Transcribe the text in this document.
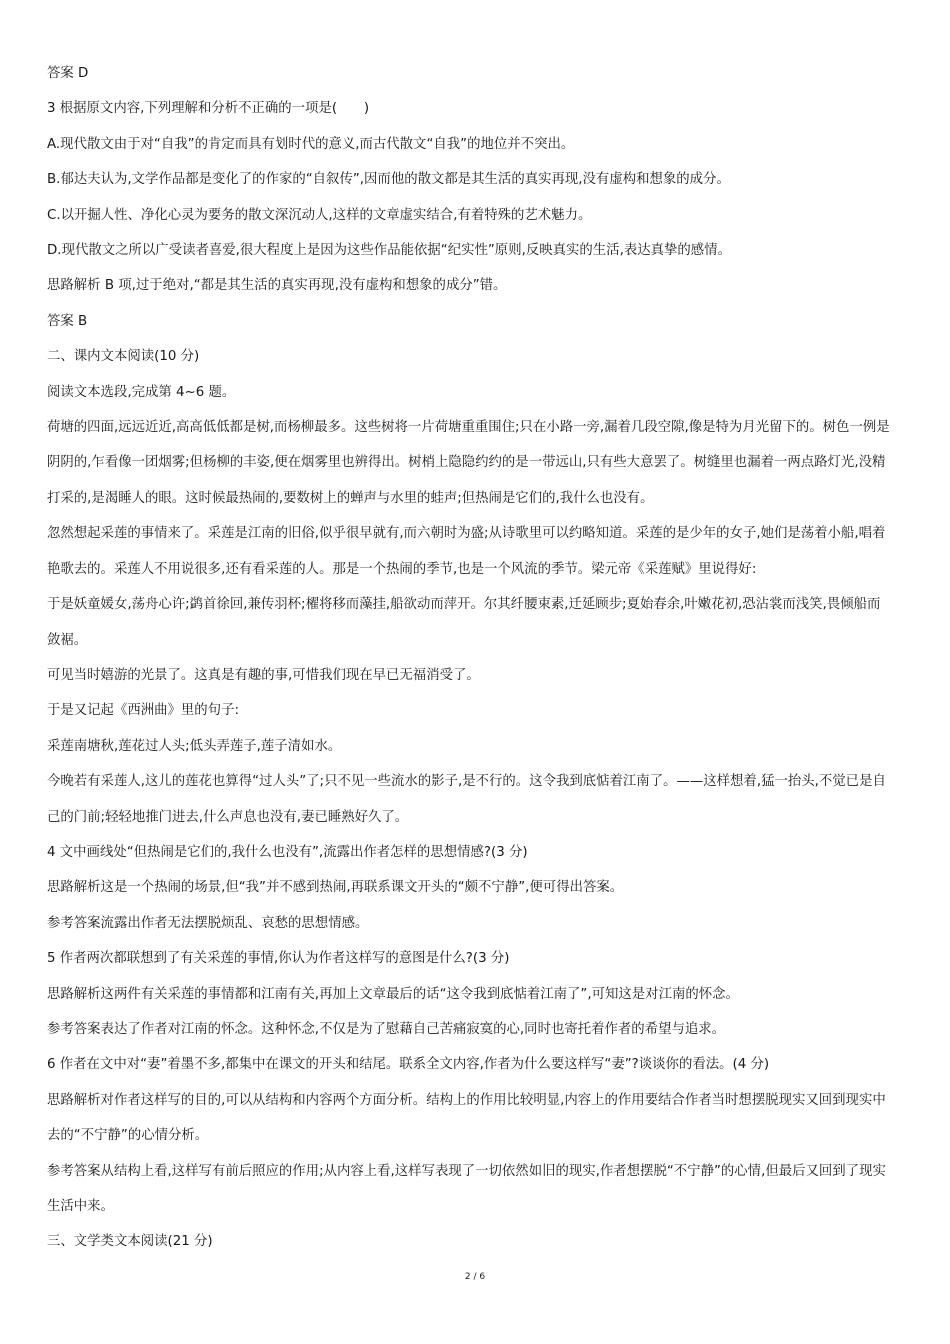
答案 D
3 根据原文内容,下列理解和分析不正确的一项是(　　)
A.现代散文由于对“自我”的肯定而具有划时代的意义,而古代散文“自我”的地位并不突出。
B.郁达夫认为,文学作品都是变化了的作家的“自叙传”,因而他的散文都是其生活的真实再现,没有虚构和想象的成分。
C.以开掘人性、净化心灵为要务的散文深沉动人,这样的文章虚实结合,有着特殊的艺术魅力。
D.现代散文之所以广受读者喜爱,很大程度上是因为这些作品能依据“纪实性”原则,反映真实的生活,表达真挚的感情。
思路解析 B 项,过于绝对,“都是其生活的真实再现,没有虚构和想象的成分”错。
答案 B
二、课内文本阅读(10 分)
阅读文本选段,完成第 4~6 题。
荷塘的四面,远远近近,高高低低都是树,而杨柳最多。这些树将一片荷塘重重围住;只在小路一旁,漏着几段空隙,像是特为月光留下的。树色一例是
阴阴的,乍看像一团烟雾;但杨柳的丰姿,便在烟雾里也辨得出。树梢上隐隐约约的是一带远山,只有些大意罢了。树缝里也漏着一两点路灯光,没精
打采的,是渴睡人的眼。这时候最热闹的,要数树上的蝉声与水里的蛙声;但热闹是它们的,我什么也没有。
忽然想起采莲的事情来了。采莲是江南的旧俗,似乎很早就有,而六朝时为盛;从诗歌里可以约略知道。采莲的是少年的女子,她们是荡着小船,唱着
艳歌去的。采莲人不用说很多,还有看采莲的人。那是一个热闹的季节,也是一个风流的季节。梁元帝《采莲赋》里说得好:
于是妖童媛女,荡舟心许;鹢首徐回,兼传羽杯;櫂将移而藻挂,船欲动而萍开。尔其纤腰束素,迁延顾步;夏始春余,叶嫩花初,恐沾裳而浅笑,畏倾船而
敛裾。
可见当时嬉游的光景了。这真是有趣的事,可惜我们现在早已无福消受了。
于是又记起《西洲曲》里的句子:
采莲南塘秋,莲花过人头;低头弄莲子,莲子清如水。
今晚若有采莲人,这儿的莲花也算得“过人头”了;只不见一些流水的影子,是不行的。这令我到底惦着江南了。——这样想着,猛一抬头,不觉已是自
己的门前;轻轻地推门进去,什么声息也没有,妻已睡熟好久了。
4 文中画线处“但热闹是它们的,我什么也没有”,流露出作者怎样的思想情感?(3 分)
思路解析这是一个热闹的场景,但“我”并不感到热闹,再联系课文开头的“颇不宁静”,便可得出答案。
参考答案流露出作者无法摆脱烦乱、哀愁的思想情感。
5 作者两次都联想到了有关采莲的事情,你认为作者这样写的意图是什么?(3 分)
思路解析这两件有关采莲的事情都和江南有关,再加上文章最后的话“这令我到底惦着江南了”,可知这是对江南的怀念。
参考答案表达了作者对江南的怀念。这种怀念,不仅是为了慰藉自己苦痛寂寞的心,同时也寄托着作者的希望与追求。
6 作者在文中对“妻”着墨不多,都集中在课文的开头和结尾。联系全文内容,作者为什么要这样写“妻”?谈谈你的看法。(4 分)
思路解析对作者这样写的目的,可以从结构和内容两个方面分析。结构上的作用比较明显,内容上的作用要结合作者当时想摆脱现实又回到现实中
去的“不宁静”的心情分析。
参考答案从结构上看,这样写有前后照应的作用;从内容上看,这样写表现了一切依然如旧的现实,作者想摆脱“不宁静”的心情,但最后又回到了现实
生活中来。
三、文学类文本阅读(21 分)
2 / 6
